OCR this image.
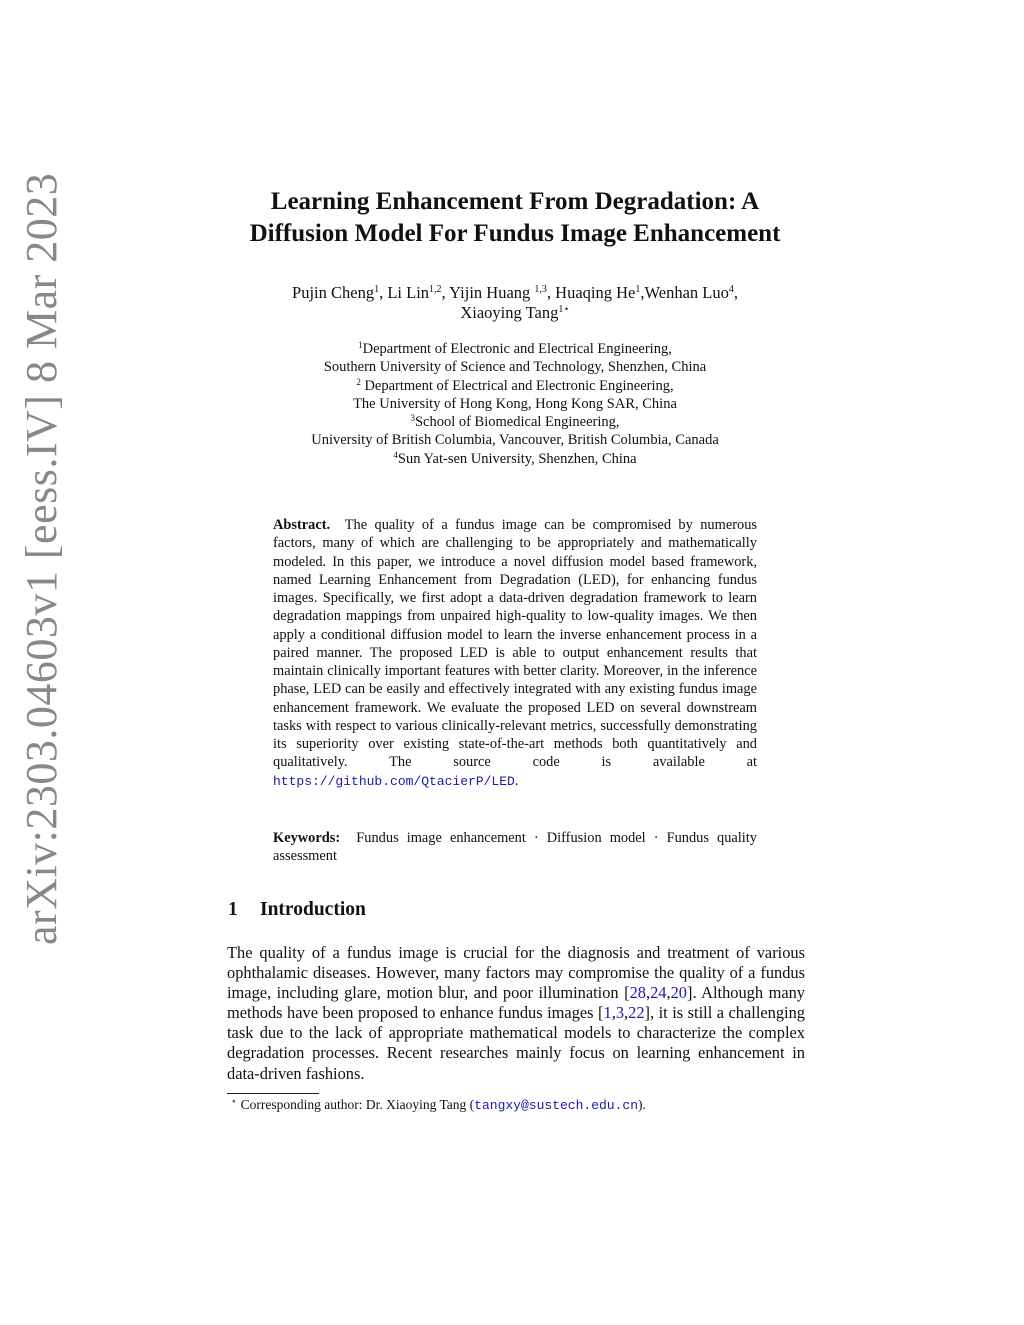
arXiv:2303.04603v1 [eess.IV] 8 Mar 2023	Learning Enhancement From Degradation: A
Diffusion Model For Fundus Image Enhancement
Pujin Cheng$^1$, Li Lin$^{1,2}$, Yijin Huang $^{1,3}$, Huaqing He$^1$,Wenhan Luo$^4$, Xiaoying Tang$^{1⋆}$
$^1$Department of Electronic and Electrical Engineering,
Southern University of Science and Technology, Shenzhen, China
$^2$ Department of Electrical and Electronic Engineering,
The University of Hong Kong, Hong Kong SAR, China
$^3$School of Biomedical Engineering,
University of British Columbia, Vancouver, British Columbia, Canada
$^4$Sun Yat-sen University, Shenzhen, China

Abstract. The quality of a fundus image can be compromised by numerous factors, many of which are challenging to be appropriately and mathematically modeled. In this paper, we introduce a novel diffusion model based framework, named Learning Enhancement from Degradation (LED), for enhancing fundus images. Specifically, we first adopt a data-driven degradation framework to learn degradation mappings from unpaired high-quality to low-quality images. We then apply a conditional diffusion model to learn the inverse enhancement process in a paired manner. The proposed LED is able to output enhancement results that maintain clinically important features with better clarity. Moreover, in the inference phase, LED can be easily and effectively integrated with any existing fundus image enhancement framework. We evaluate the proposed LED on several downstream tasks with respect to various clinically-relevant metrics, successfully demonstrating its superiority over existing state-of-the-art methods both quantitatively and qualitatively. The source code is available at https://github.com/QtacierP/LED.

Keywords: Fundus image enhancement · Diffusion model · Fundus quality assessment

1 Introduction

The quality of a fundus image is crucial for the diagnosis and treatment of various ophthalamic diseases. However, many factors may compromise the quality of a fundus image, including glare, motion blur, and poor illumination [28,24,20]. Although many methods have been proposed to enhance fundus images [1,3,22], it is still a challenging task due to the lack of appropriate mathematical models to characterize the complex degradation processes. Recent researches mainly focus on learning enhancement in data-driven fashions.

⋆ Corresponding author: Dr. Xiaoying Tang (tangxy@sustech.edu.cn).
